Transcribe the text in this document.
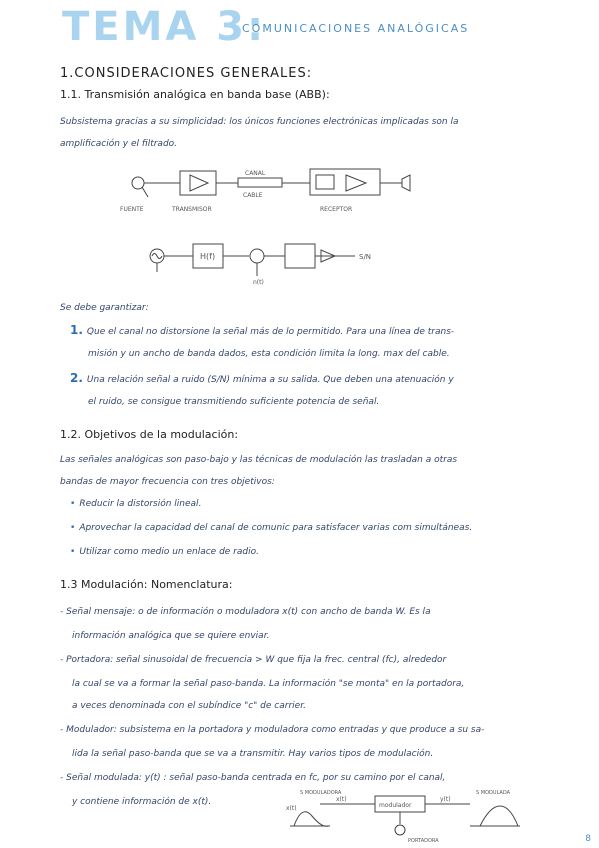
TEMA 3:
COMUNICACIONES ANALÓGICAS
1.CONSIDERACIONES GENERALES:
1.1. Transmisión analógica en banda base (ABB):
Subsistema gracias a su simplicidad: los únicos funciones electrónicas implicadas son la
amplificación y el filtrado.
FUENTE	TRANSMISOR
CANAL
CABLE
RECEPTOR
H(f)
n(t)
S/N
Se debe garantizar:
1. Que el canal no distorsione la señal más de lo permitido. Para una línea de trans-
misión y un ancho de banda dados, esta condición limita la long. max del cable.
2. Una relación señal a ruido (S/N) mínima a su salida. Que deben una atenuación y
el ruido, se consigue transmitiendo suficiente potencia de señal.
1.2. Objetivos de la modulación:
Las señales analógicas son paso-bajo y las técnicas de modulación las trasladan a otras
bandas de mayor frecuencia con tres objetivos:
• Reducir la distorsión lineal.
• Aprovechar la capacidad del canal de comunic para satisfacer varias com simultáneas.
• Utilizar como medio un enlace de radio.
1.3 Modulación: Nomenclatura:
- Señal mensaje: o de información o moduladora x(t) con ancho de banda W. Es la
información analógica que se quiere enviar.
- Portadora: señal sinusoidal de frecuencia > W que fija la frec. central (fc), alrededor
la cual se va a formar la señal paso-banda. La información "se monta" en la portadora,
a veces denominada con el subíndice "c" de carrier.
- Modulador: subsistema en la portadora y moduladora como entradas y que produce a su sa-
lida la señal paso-banda que se va a transmitir. Hay varios tipos de modulación.
- Señal modulada: y(t) : señal paso-banda centrada en fc, por su camino por el canal,
y contiene información de x(t).
S MODULADORA
x(t)
x(t)
modulador
y(t)
S MODULADA
PORTADORA	8
